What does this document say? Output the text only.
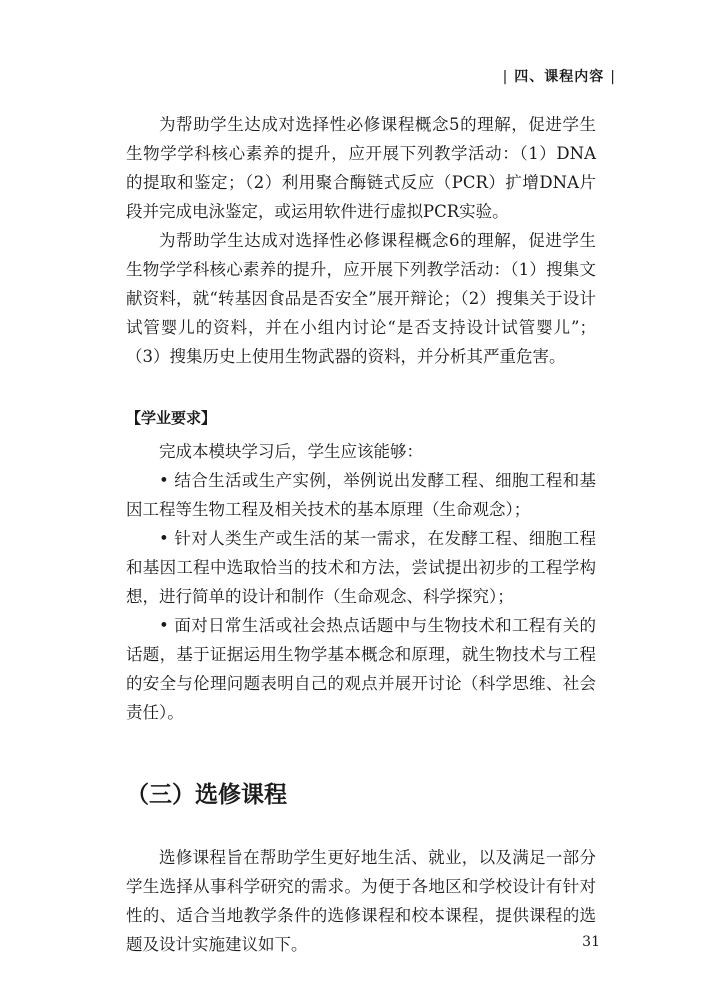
| 四、课程内容 |

为帮助学生达成对选择性必修课程概念5的理解，促进学生生物学学科核心素养的提升，应开展下列教学活动：（1）DNA的提取和鉴定；（2）利用聚合酶链式反应（PCR）扩增DNA片段并完成电泳鉴定，或运用软件进行虚拟PCR实验。

为帮助学生达成对选择性必修课程概念6的理解，促进学生生物学学科核心素养的提升，应开展下列教学活动：（1）搜集文献资料，就“转基因食品是否安全”展开辩论；（2）搜集关于设计试管婴儿的资料，并在小组内讨论“是否支持设计试管婴儿”；（3）搜集历史上使用生物武器的资料，并分析其严重危害。

【学业要求】

完成本模块学习后，学生应该能够：

• 结合生活或生产实例，举例说出发酵工程、细胞工程和基因工程等生物工程及相关技术的基本原理（生命观念）；

• 针对人类生产或生活的某一需求，在发酵工程、细胞工程和基因工程中选取恰当的技术和方法，尝试提出初步的工程学构想，进行简单的设计和制作（生命观念、科学探究）；

• 面对日常生活或社会热点话题中与生物技术和工程有关的话题，基于证据运用生物学基本概念和原理，就生物技术与工程的安全与伦理问题表明自己的观点并展开讨论（科学思维、社会责任）。

（三）选修课程

选修课程旨在帮助学生更好地生活、就业，以及满足一部分学生选择从事科学研究的需求。为便于各地区和学校设计有针对性的、适合当地教学条件的选修课程和校本课程，提供课程的选题及设计实施建议如下。	31
